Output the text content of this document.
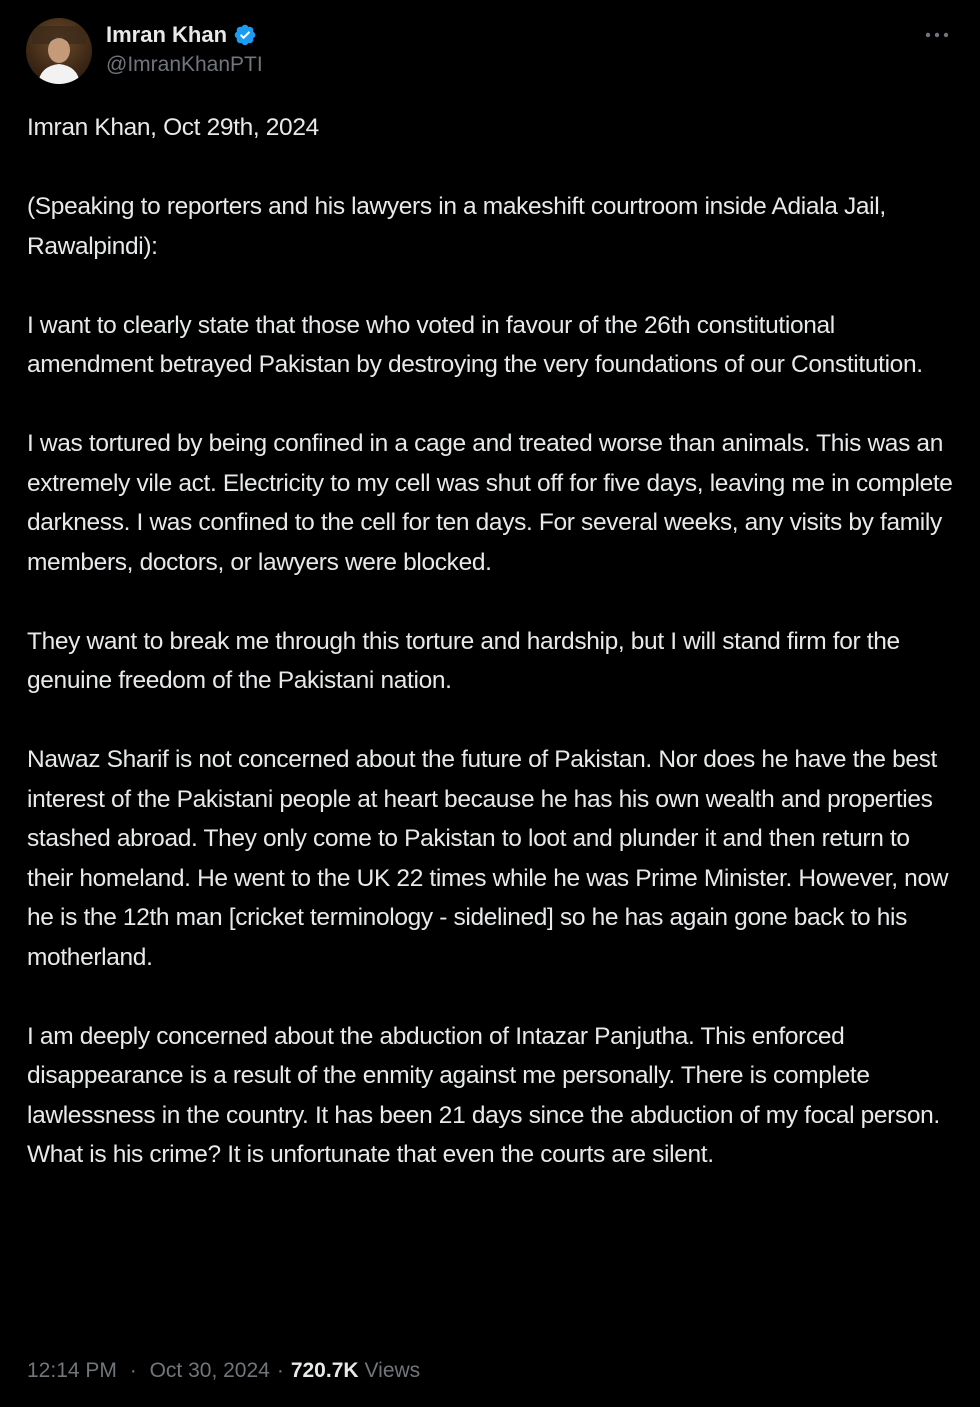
Imran Khan
@ImranKhanPTI

Imran Khan, Oct 29th, 2024

(Speaking to reporters and his lawyers in a makeshift courtroom inside Adiala Jail, Rawalpindi):

I want to clearly state that those who voted in favour of the 26th constitutional amendment betrayed Pakistan by destroying the very foundations of our Constitution.

I was tortured by being confined in a cage and treated worse than animals. This was an extremely vile act. Electricity to my cell was shut off for five days, leaving me in complete darkness. I was confined to the cell for ten days. For several weeks, any visits by family members, doctors, or lawyers were blocked.

They want to break me through this torture and hardship, but I will stand firm for the genuine freedom of the Pakistani nation.

Nawaz Sharif is not concerned about the future of Pakistan. Nor does he have the best interest of the Pakistani people at heart because he has his own wealth and properties stashed abroad. They only come to Pakistan to loot and plunder it and then return to their homeland. He went to the UK 22 times while he was Prime Minister. However, now he is the 12th man [cricket terminology - sidelined] so he has again gone back to his motherland.

I am deeply concerned about the abduction of Intazar Panjutha. This enforced disappearance is a result of the enmity against me personally. There is complete lawlessness in the country. It has been 21 days since the abduction of my focal person. What is his crime? It is unfortunate that even the courts are silent.

12:14 PM · Oct 30, 2024 · 720.7K Views
